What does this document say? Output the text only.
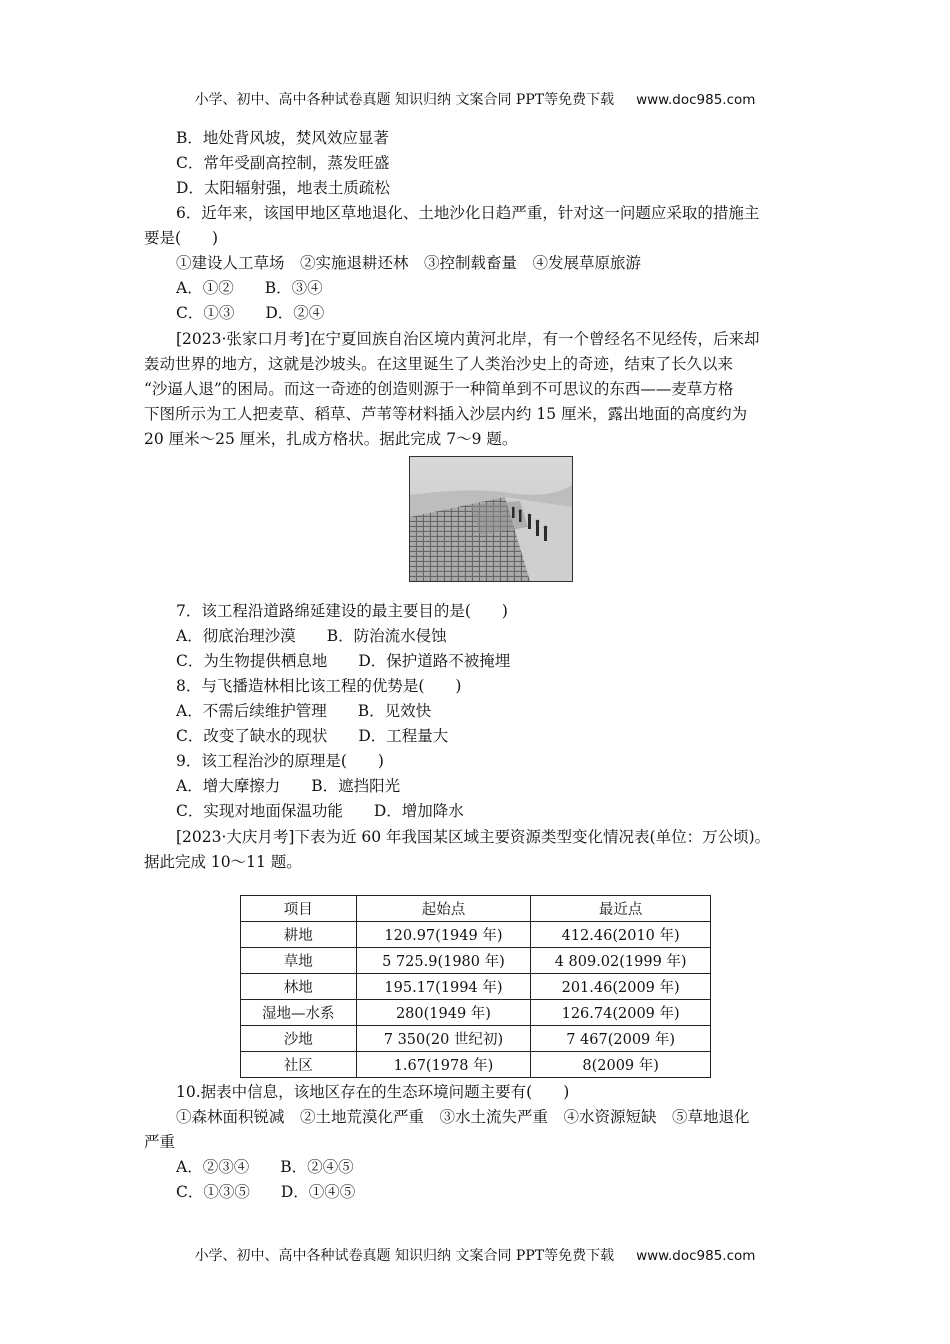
小学、初中、高中各种试卷真题 知识归纳 文案合同 PPT等免费下载 www.doc985.com
B．地处背风坡，焚风效应显著
C．常年受副高控制，蒸发旺盛
D．太阳辐射强，地表土质疏松
6．近年来，该国甲地区草地退化、土地沙化日趋严重，针对这一问题应采取的措施主
要是(　　)
①建设人工草场　②实施退耕还林　③控制载畜量　④发展草原旅游
A．①②　　B．③④
C．①③　　D．②④
[2023·张家口月考]在宁夏回族自治区境内黄河北岸，有一个曾经名不见经传，后来却
轰动世界的地方，这就是沙坡头。在这里诞生了人类治沙史上的奇迹，结束了长久以来
“沙逼人退”的困局。而这一奇迹的创造则源于一种简单到不可思议的东西——麦草方格
下图所示为工人把麦草、稻草、芦苇等材料插入沙层内约 15 厘米，露出地面的高度约为
20 厘米～25 厘米，扎成方格状。据此完成 7～9 题。
7．该工程沿道路绵延建设的最主要目的是(　　)
A．彻底治理沙漠　　B．防治流水侵蚀
C．为生物提供栖息地　　D．保护道路不被掩埋
8．与飞播造林相比该工程的优势是(　　)
A．不需后续维护管理　　B．见效快
C．改变了缺水的现状　　D．工程量大
9．该工程治沙的原理是(　　)
A．增大摩擦力　　B．遮挡阳光
C．实现对地面保温功能　　D．增加降水
[2023·大庆月考]下表为近 60 年我国某区域主要资源类型变化情况表(单位：万公顷)。
据此完成 10～11 题。
项目	起始点	最近点
耕地	120.97(1949 年)	412.46(2010 年)
草地	5 725.9(1980 年)	4 809.02(1999 年)
林地	195.17(1994 年)	201.46(2009 年)
湿地—水系	280(1949 年)	126.74(2009 年)
沙地	7 350(20 世纪初)	7 467(2009 年)
社区	1.67(1978 年)	8(2009 年)
10.据表中信息，该地区存在的生态环境问题主要有(　　)
①森林面积锐减　②土地荒漠化严重　③水土流失严重　④水资源短缺　⑤草地退化
严重
A．②③④　　B．②④⑤
C．①③⑤　　D．①④⑤
小学、初中、高中各种试卷真题 知识归纳 文案合同 PPT等免费下载 www.doc985.com
